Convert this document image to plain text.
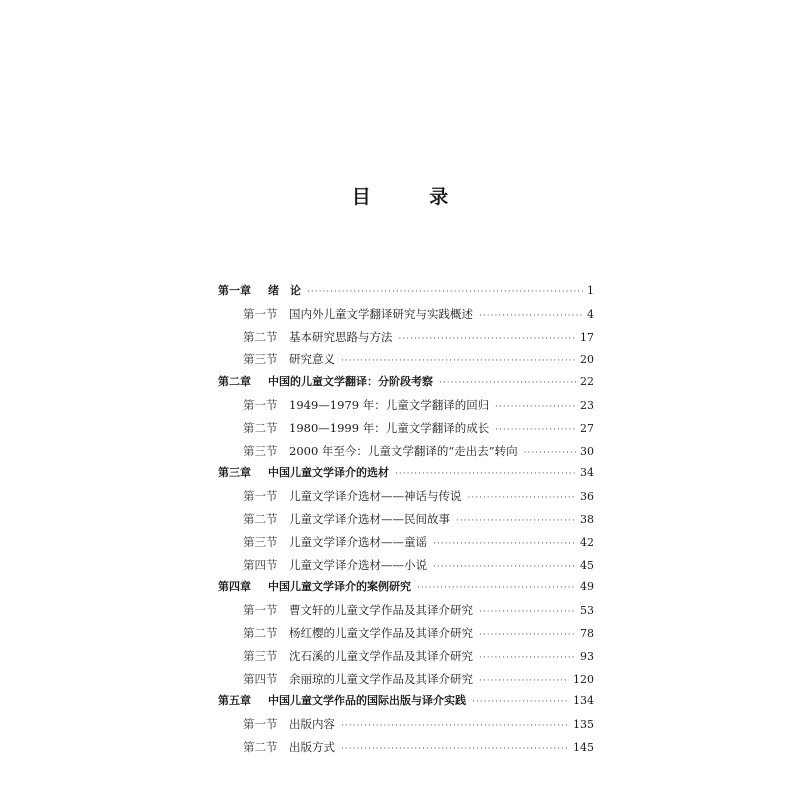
目 录
第一章	绪　论 ·····	1
第一节	国内外儿童文学翻译研究与实践概述 ·····	4
第二节	基本研究思路与方法 ·····	17
第三节	研究意义 ·····	20
第二章	中国的儿童文学翻译：分阶段考察 ·····	22
第一节	1949—1979 年：儿童文学翻译的回归 ·····	23
第二节	1980—1999 年：儿童文学翻译的成长 ·····	27
第三节	2000 年至今：儿童文学翻译的“走出去”转向 ·····	30
第三章	中国儿童文学译介的选材 ·····	34
第一节	儿童文学译介选材——神话与传说 ·····	36
第二节	儿童文学译介选材——民间故事 ·····	38
第三节	儿童文学译介选材——童谣 ·····	42
第四节	儿童文学译介选材——小说 ·····	45
第四章	中国儿童文学译介的案例研究 ·····	49
第一节	曹文轩的儿童文学作品及其译介研究 ·····	53
第二节	杨红樱的儿童文学作品及其译介研究 ·····	78
第三节	沈石溪的儿童文学作品及其译介研究 ·····	93
第四节	余丽琼的儿童文学作品及其译介研究 ·····	120
第五章	中国儿童文学作品的国际出版与译介实践 ·····	134
第一节	出版内容 ·····	135
第二节	出版方式 ·····	145
